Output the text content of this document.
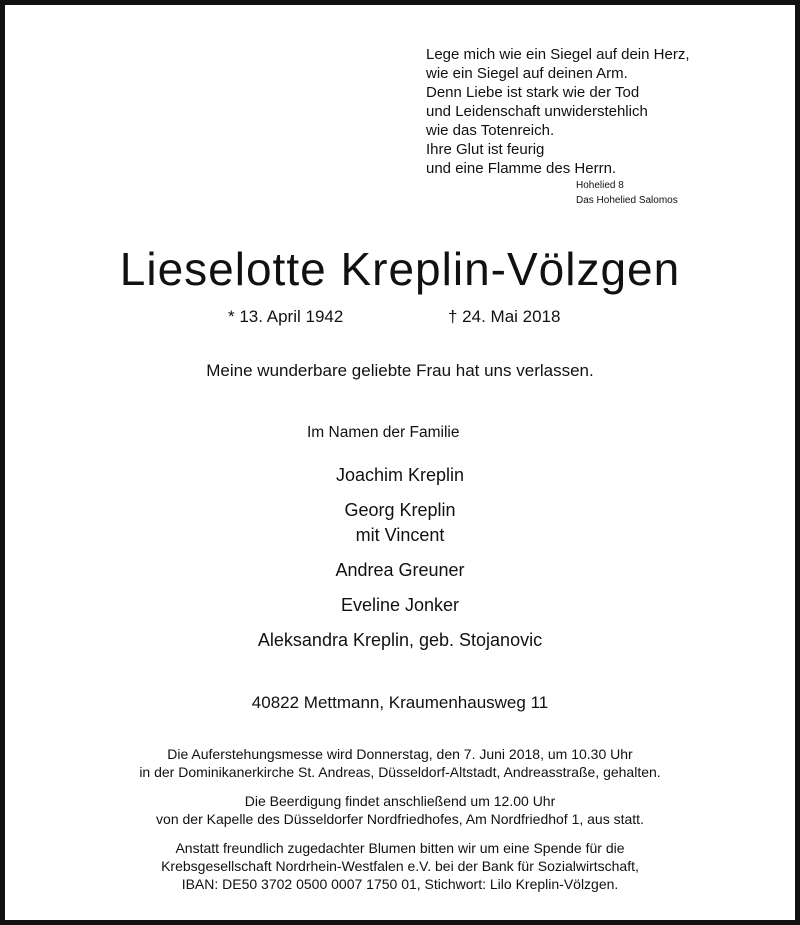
Lege mich wie ein Siegel auf dein Herz,
wie ein Siegel auf deinen Arm.
Denn Liebe ist stark wie der Tod
und Leidenschaft unwiderstehlich
wie das Totenreich.
Ihre Glut ist feurig
und eine Flamme des Herrn.
Hohelied 8
Das Hohelied Salomos
Lieselotte Kreplin-Völzgen
* 13. April 1942	† 24. Mai 2018
Meine wunderbare geliebte Frau hat uns verlassen.
Im Namen der Familie
Joachim Kreplin
Georg Kreplin
mit Vincent
Andrea Greuner
Eveline Jonker
Aleksandra Kreplin, geb. Stojanovic
40822 Mettmann, Kraumenhausweg 11

Die Auferstehungsmesse wird Donnerstag, den 7. Juni 2018, um 10.30 Uhr
in der Dominikanerkirche St. Andreas, Düsseldorf-Altstadt, Andreasstraße, gehalten.

Die Beerdigung findet anschließend um 12.00 Uhr
von der Kapelle des Düsseldorfer Nordfriedhofes, Am Nordfriedhof 1, aus statt.

Anstatt freundlich zugedachter Blumen bitten wir um eine Spende für die
Krebsgesellschaft Nordrhein-Westfalen e.V. bei der Bank für Sozialwirtschaft,
IBAN: DE50 3702 0500 0007 1750 01, Stichwort: Lilo Kreplin-Völzgen.
